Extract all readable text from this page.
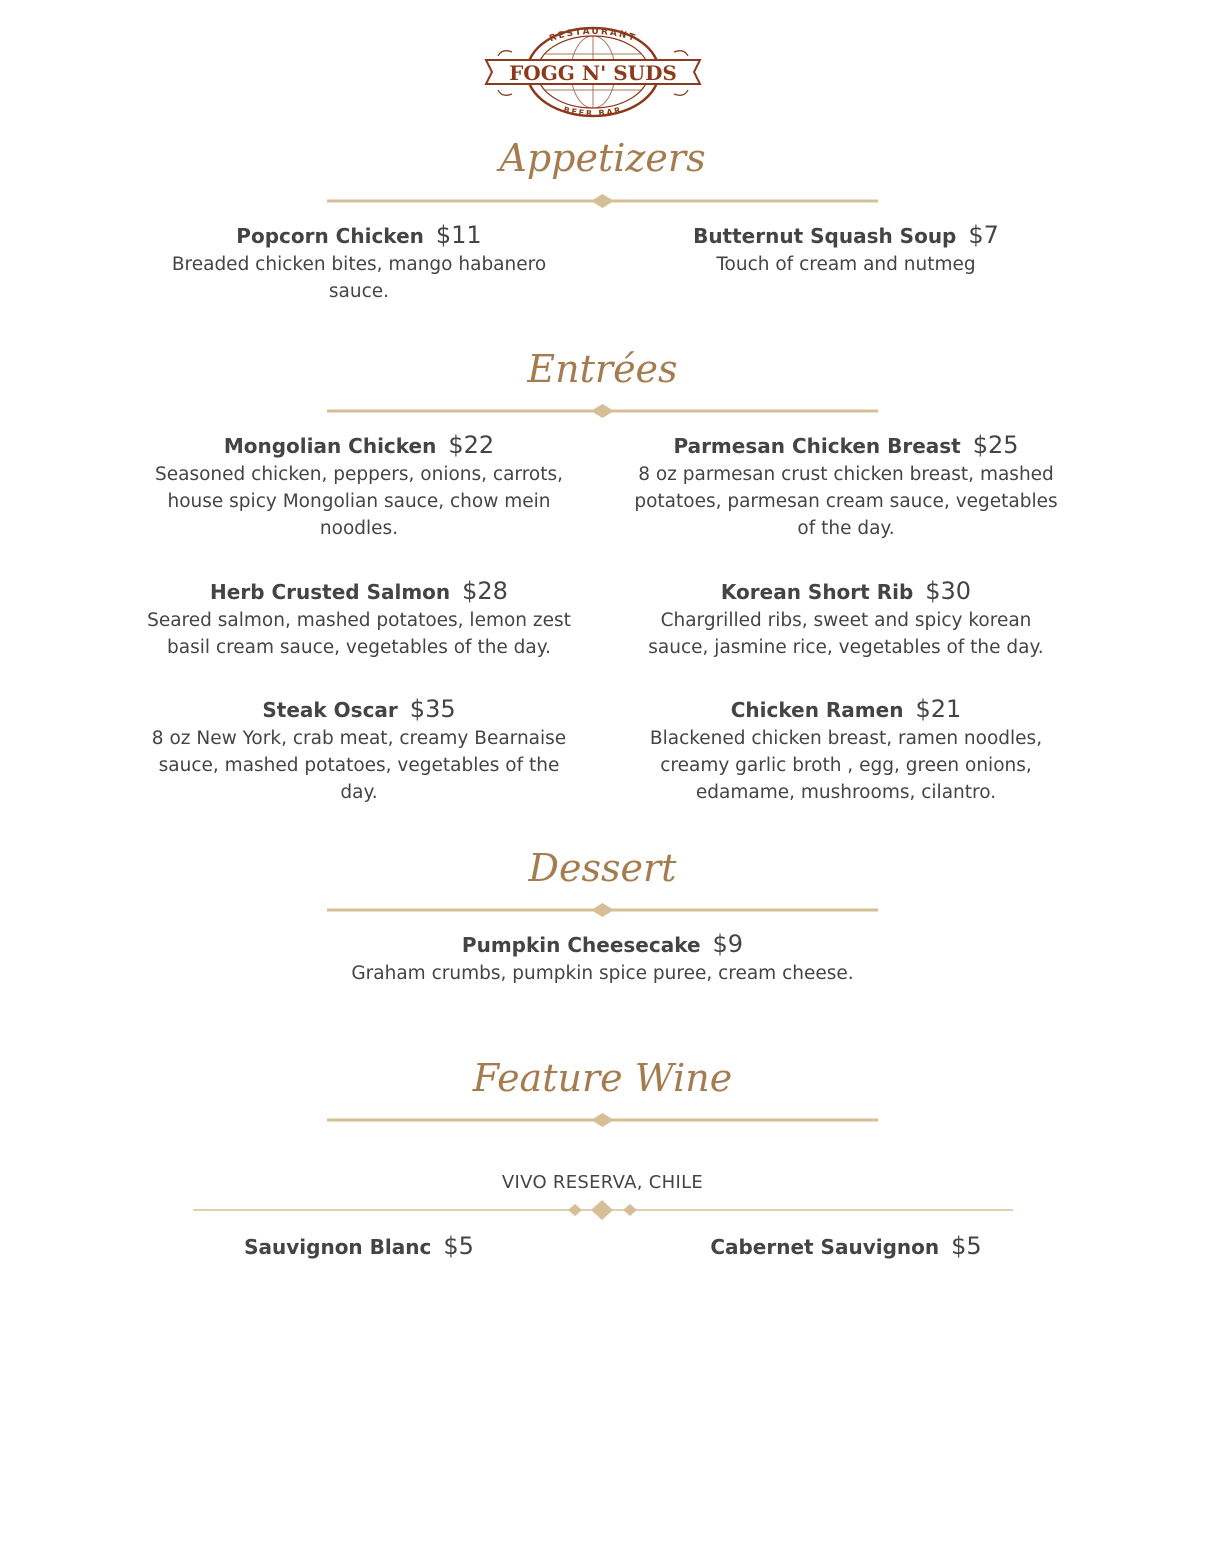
FOGG N' SUDS
RESTAURANT
BEER BAR
Appetizers
Popcorn Chicken $11
Breaded chicken bites, mango habanero sauce.
Butternut Squash Soup $7
Touch of cream and nutmeg
Entrées
Mongolian Chicken $22
Seasoned chicken, peppers, onions, carrots, house spicy Mongolian sauce, chow mein noodles.
Parmesan Chicken Breast $25
8 oz parmesan crust chicken breast, mashed potatoes, parmesan cream sauce, vegetables of the day.
Herb Crusted Salmon $28
Seared salmon, mashed potatoes, lemon zest basil cream sauce, vegetables of the day.
Korean Short Rib $30
Chargrilled ribs, sweet and spicy korean sauce, jasmine rice, vegetables of the day.
Steak Oscar $35
8 oz New York, crab meat, creamy Bearnaise sauce, mashed potatoes, vegetables of the day.
Chicken Ramen $21
Blackened chicken breast, ramen noodles, creamy garlic broth , egg, green onions, edamame, mushrooms, cilantro.
Dessert
Pumpkin Cheesecake $9
Graham crumbs, pumpkin spice puree, cream cheese.
Feature Wine
VIVO RESERVA, CHILE
Sauvignon Blanc $5	Cabernet Sauvignon $5
